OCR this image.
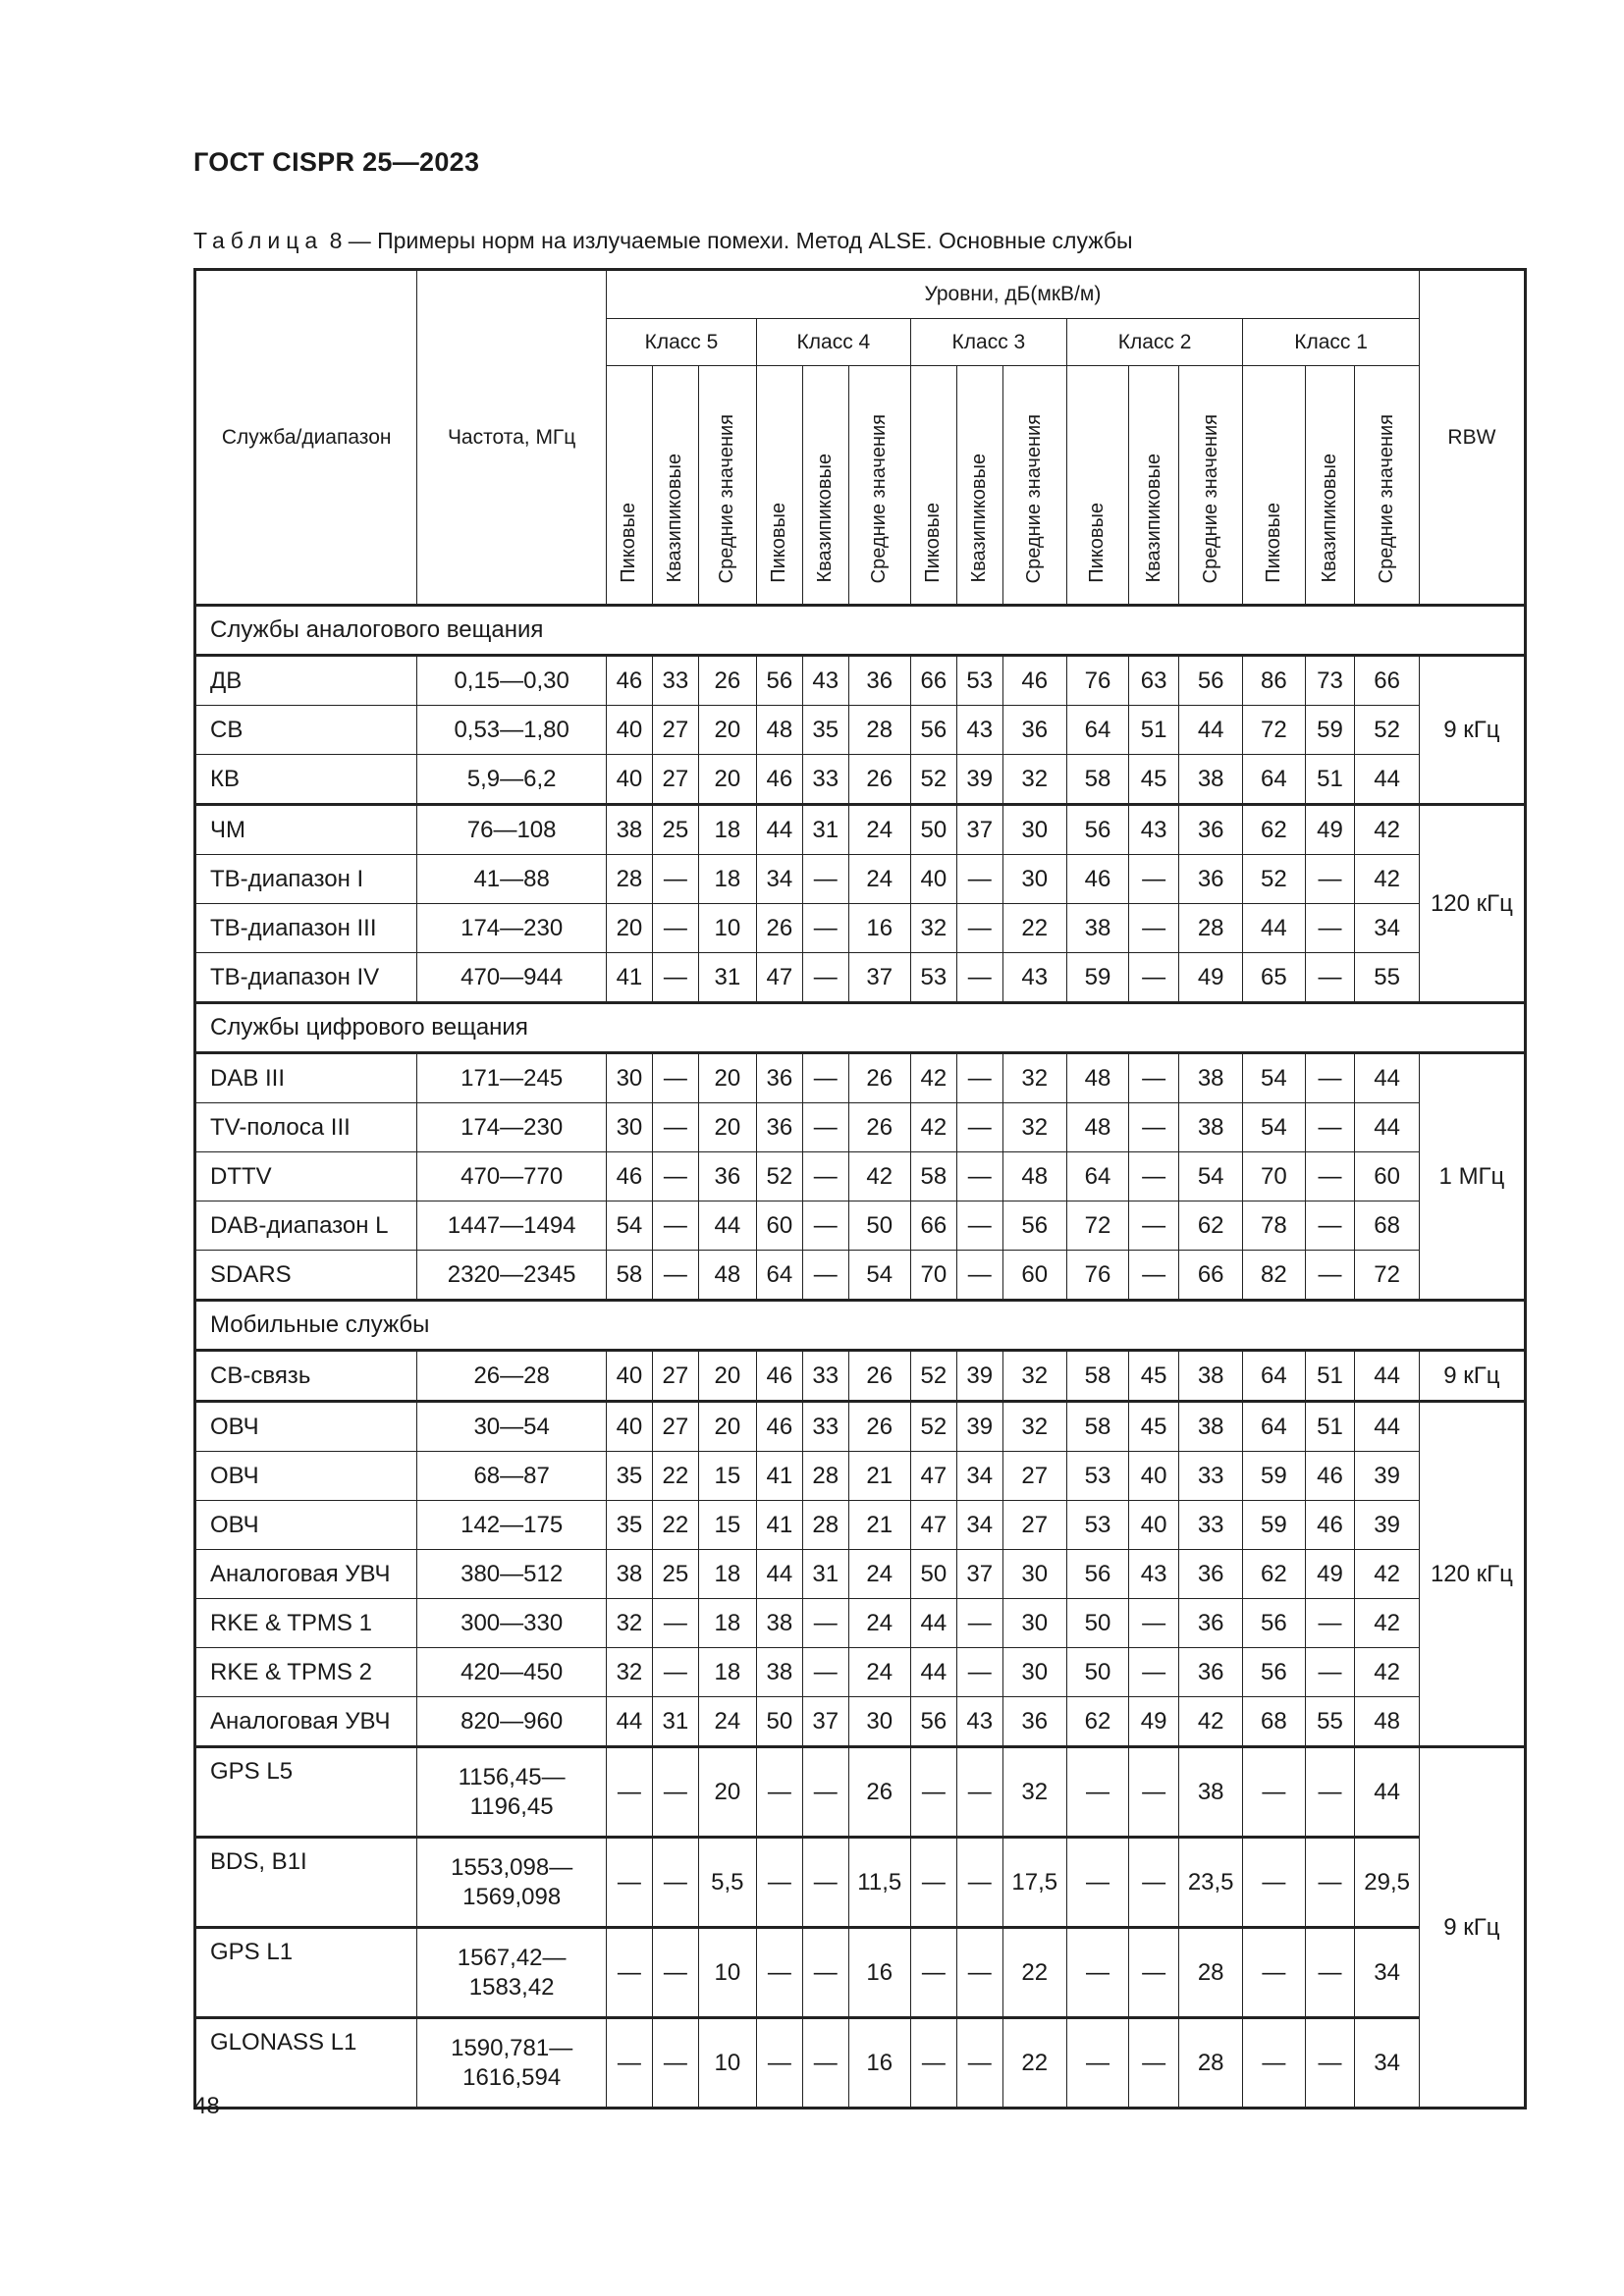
ГОСТ CISPR 25—2023
Таблица 8 — Примеры норм на излучаемые помехи. Метод ALSE. Основные службы
Служба/диапазон	Частота, МГц	Уровни, дБ(мкВ/м)															RBW
		Класс 5			Класс 4			Класс 3			Класс 2			Класс 1			
		Пиковые	Квазипиковые	Средние значения	Пиковые	Квазипиковые	Средние значения	Пиковые	Квазипиковые	Средние значения	Пиковые	Квазипиковые	Средние значения	Пиковые	Квазипиковые	Средние значения	
Службы аналогового вещания																	
ДВ	0,15—0,30	46	33	26	56	43	36	66	53	46	76	63	56	86	73	66	9 кГц
СВ	0,53—1,80	40	27	20	48	35	28	56	43	36	64	51	44	72	59	52	
КВ	5,9—6,2	40	27	20	46	33	26	52	39	32	58	45	38	64	51	44	
ЧМ	76—108	38	25	18	44	31	24	50	37	30	56	43	36	62	49	42	120 кГц
ТВ-диапазон I	41—88	28	—	18	34	—	24	40	—	30	46	—	36	52	—	42	
ТВ-диапазон III	174—230	20	—	10	26	—	16	32	—	22	38	—	28	44	—	34	
ТВ-диапазон IV	470—944	41	—	31	47	—	37	53	—	43	59	—	49	65	—	55	
Службы цифрового вещания																	
DAB III	171—245	30	—	20	36	—	26	42	—	32	48	—	38	54	—	44	1 МГц
TV-полоса III	174—230	30	—	20	36	—	26	42	—	32	48	—	38	54	—	44	
DTTV	470—770	46	—	36	52	—	42	58	—	48	64	—	54	70	—	60	
DAB-диапазон L	1447—1494	54	—	44	60	—	50	66	—	56	72	—	62	78	—	68	
SDARS	2320—2345	58	—	48	64	—	54	70	—	60	76	—	66	82	—	72	
Мобильные службы																	
СВ-связь	26—28	40	27	20	46	33	26	52	39	32	58	45	38	64	51	44	9 кГц
ОВЧ	30—54	40	27	20	46	33	26	52	39	32	58	45	38	64	51	44	120 кГц
ОВЧ	68—87	35	22	15	41	28	21	47	34	27	53	40	33	59	46	39	
ОВЧ	142—175	35	22	15	41	28	21	47	34	27	53	40	33	59	46	39	
Аналоговая УВЧ	380—512	38	25	18	44	31	24	50	37	30	56	43	36	62	49	42	
RKE & TPMS 1	300—330	32	—	18	38	—	24	44	—	30	50	—	36	56	—	42	
RKE & TPMS 2	420—450	32	—	18	38	—	24	44	—	30	50	—	36	56	—	42	
Аналоговая УВЧ	820—960	44	31	24	50	37	30	56	43	36	62	49	42	68	55	48	
GPS L5	1156,45—
1196,45	—	—	20	—	—	26	—	—	32	—	—	38	—	—	44	9 кГц
BDS, B1I	1553,098—
1569,098	—	—	5,5	—	—	11,5	—	—	17,5	—	—	23,5	—	—	29,5	
GPS L1	1567,42—
1583,42	—	—	10	—	—	16	—	—	22	—	—	28	—	—	34	
GLONASS L1	1590,781—
1616,594	—	—	10	—	—	16	—	—	22	—	—	28	—	—	34	
48
